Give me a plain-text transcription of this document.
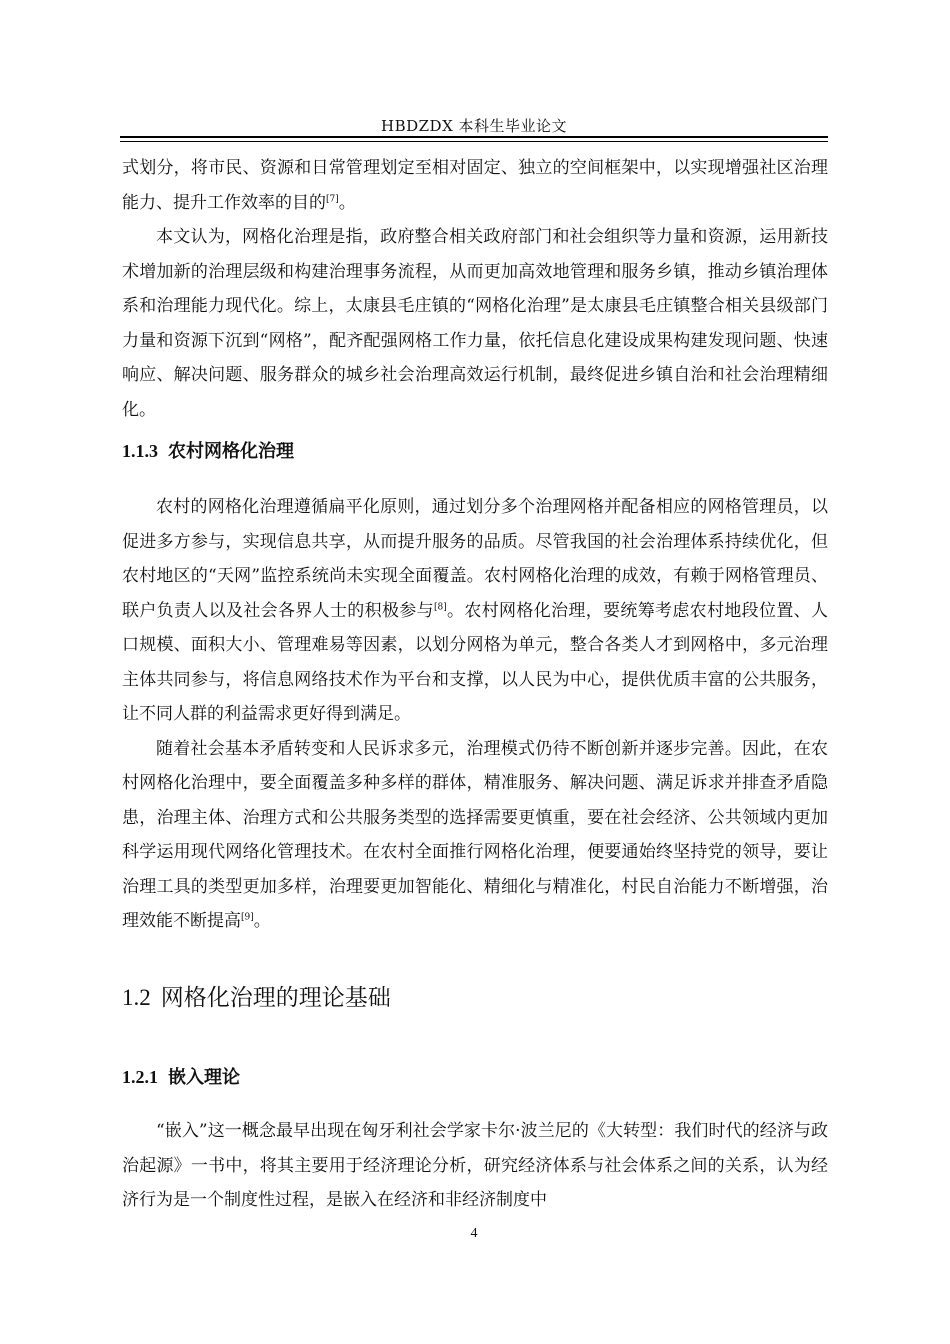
HBDZDX 本科生毕业论文

式划分，将市民、资源和日常管理划定至相对固定、独立的空间框架中，以实现增强社区治理能力、提升工作效率的目的[7]。

本文认为，网格化治理是指，政府整合相关政府部门和社会组织等力量和资源，运用新技术增加新的治理层级和构建治理事务流程，从而更加高效地管理和服务乡镇，推动乡镇治理体系和治理能力现代化。综上，太康县毛庄镇的“网格化治理”是太康县毛庄镇整合相关县级部门力量和资源下沉到“网格”，配齐配强网格工作力量，依托信息化建设成果构建发现问题、快速响应、解决问题、服务群众的城乡社会治理高效运行机制，最终促进乡镇自治和社会治理精细化。

1.1.3 农村网格化治理

农村的网格化治理遵循扁平化原则，通过划分多个治理网格并配备相应的网格管理员，以促进多方参与，实现信息共享，从而提升服务的品质。尽管我国的社会治理体系持续优化，但农村地区的“天网”监控系统尚未实现全面覆盖。农村网格化治理的成效，有赖于网格管理员、联户负责人以及社会各界人士的积极参与[8]。农村网格化治理，要统筹考虑农村地段位置、人口规模、面积大小、管理难易等因素，以划分网格为单元，整合各类人才到网格中，多元治理主体共同参与，将信息网络技术作为平台和支撑，以人民为中心，提供优质丰富的公共服务，让不同人群的利益需求更好得到满足。

随着社会基本矛盾转变和人民诉求多元，治理模式仍待不断创新并逐步完善。因此，在农村网格化治理中，要全面覆盖多种多样的群体，精准服务、解决问题、满足诉求并排查矛盾隐患，治理主体、治理方式和公共服务类型的选择需要更慎重，要在社会经济、公共领域内更加科学运用现代网络化管理技术。在农村全面推行网格化治理，便要通始终坚持党的领导，要让治理工具的类型更加多样，治理要更加智能化、精细化与精准化，村民自治能力不断增强，治理效能不断提高[9]。

1.2 网格化治理的理论基础

1.2.1 嵌入理论

“嵌入”这一概念最早出现在匈牙利社会学家卡尔·波兰尼的《大转型：我们时代的经济与政治起源》一书中，将其主要用于经济理论分析，研究经济体系与社会体系之间的关系，认为经济行为是一个制度性过程，是嵌入在经济和非经济制度中

4
